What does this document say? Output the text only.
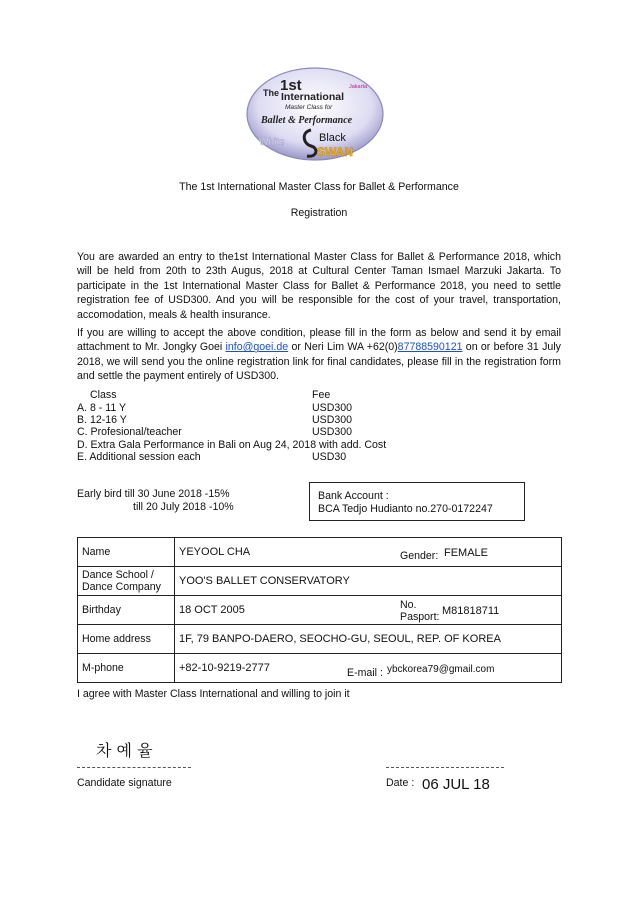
The 1st
International
Master Class for
Jakarta
Ballet & Performance
White	Black
SWAN
The 1st International Master Class for Ballet & Performance
Registration
You are awarded an entry to the1st International Master Class for Ballet & Performance 2018, which will be held from 20th to 23th Augus, 2018 at Cultural Center Taman Ismael Marzuki Jakarta. To participate in the 1st International Master Class for Ballet & Performance 2018, you need to settle registration fee of USD300. And you will be responsible for the cost of your travel, transportation, accomodation, meals & health insurance.
If you are willing to accept the above condition, please fill in the form as below and send it by email attachment to Mr. Jongky Goei info@goei.de or Neri Lim WA +62(0)87788590121 on or before 31 July 2018, we will send you the online registration link for final candidates, please fill in the registration form and settle the payment entirely of USD300.
Class	Fee
A. 8 - 11 Y	USD300
B. 12-16 Y	USD300
C. Profesional/teacher	USD300
D. Extra Gala Performance in Bali on Aug 24, 2018 with add. Cost
E. Additional session each	USD30
Early bird till 30 June 2018 -15%
till 20 July 2018 -10%
Bank Account :
BCA Tedjo Hudianto no.270-0172247
Name	YEYOOL CHA Gender: FEMALE

Dance School / Dance Company	YOO'S BALLET CONSERVATORY
Birthday	18 OCT 2005 No. Pasport: M81818711

Home address	1F, 79 BANPO-DAERO, SEOCHO-GU, SEOUL, REP. OF KOREA
M-phone	+82-10-9219-2777 E-mail : ybckorea79@gmail.com
I agree with Master Class International and willing to join it
차 예 율
Candidate signature	Date : 06 JUL 18
